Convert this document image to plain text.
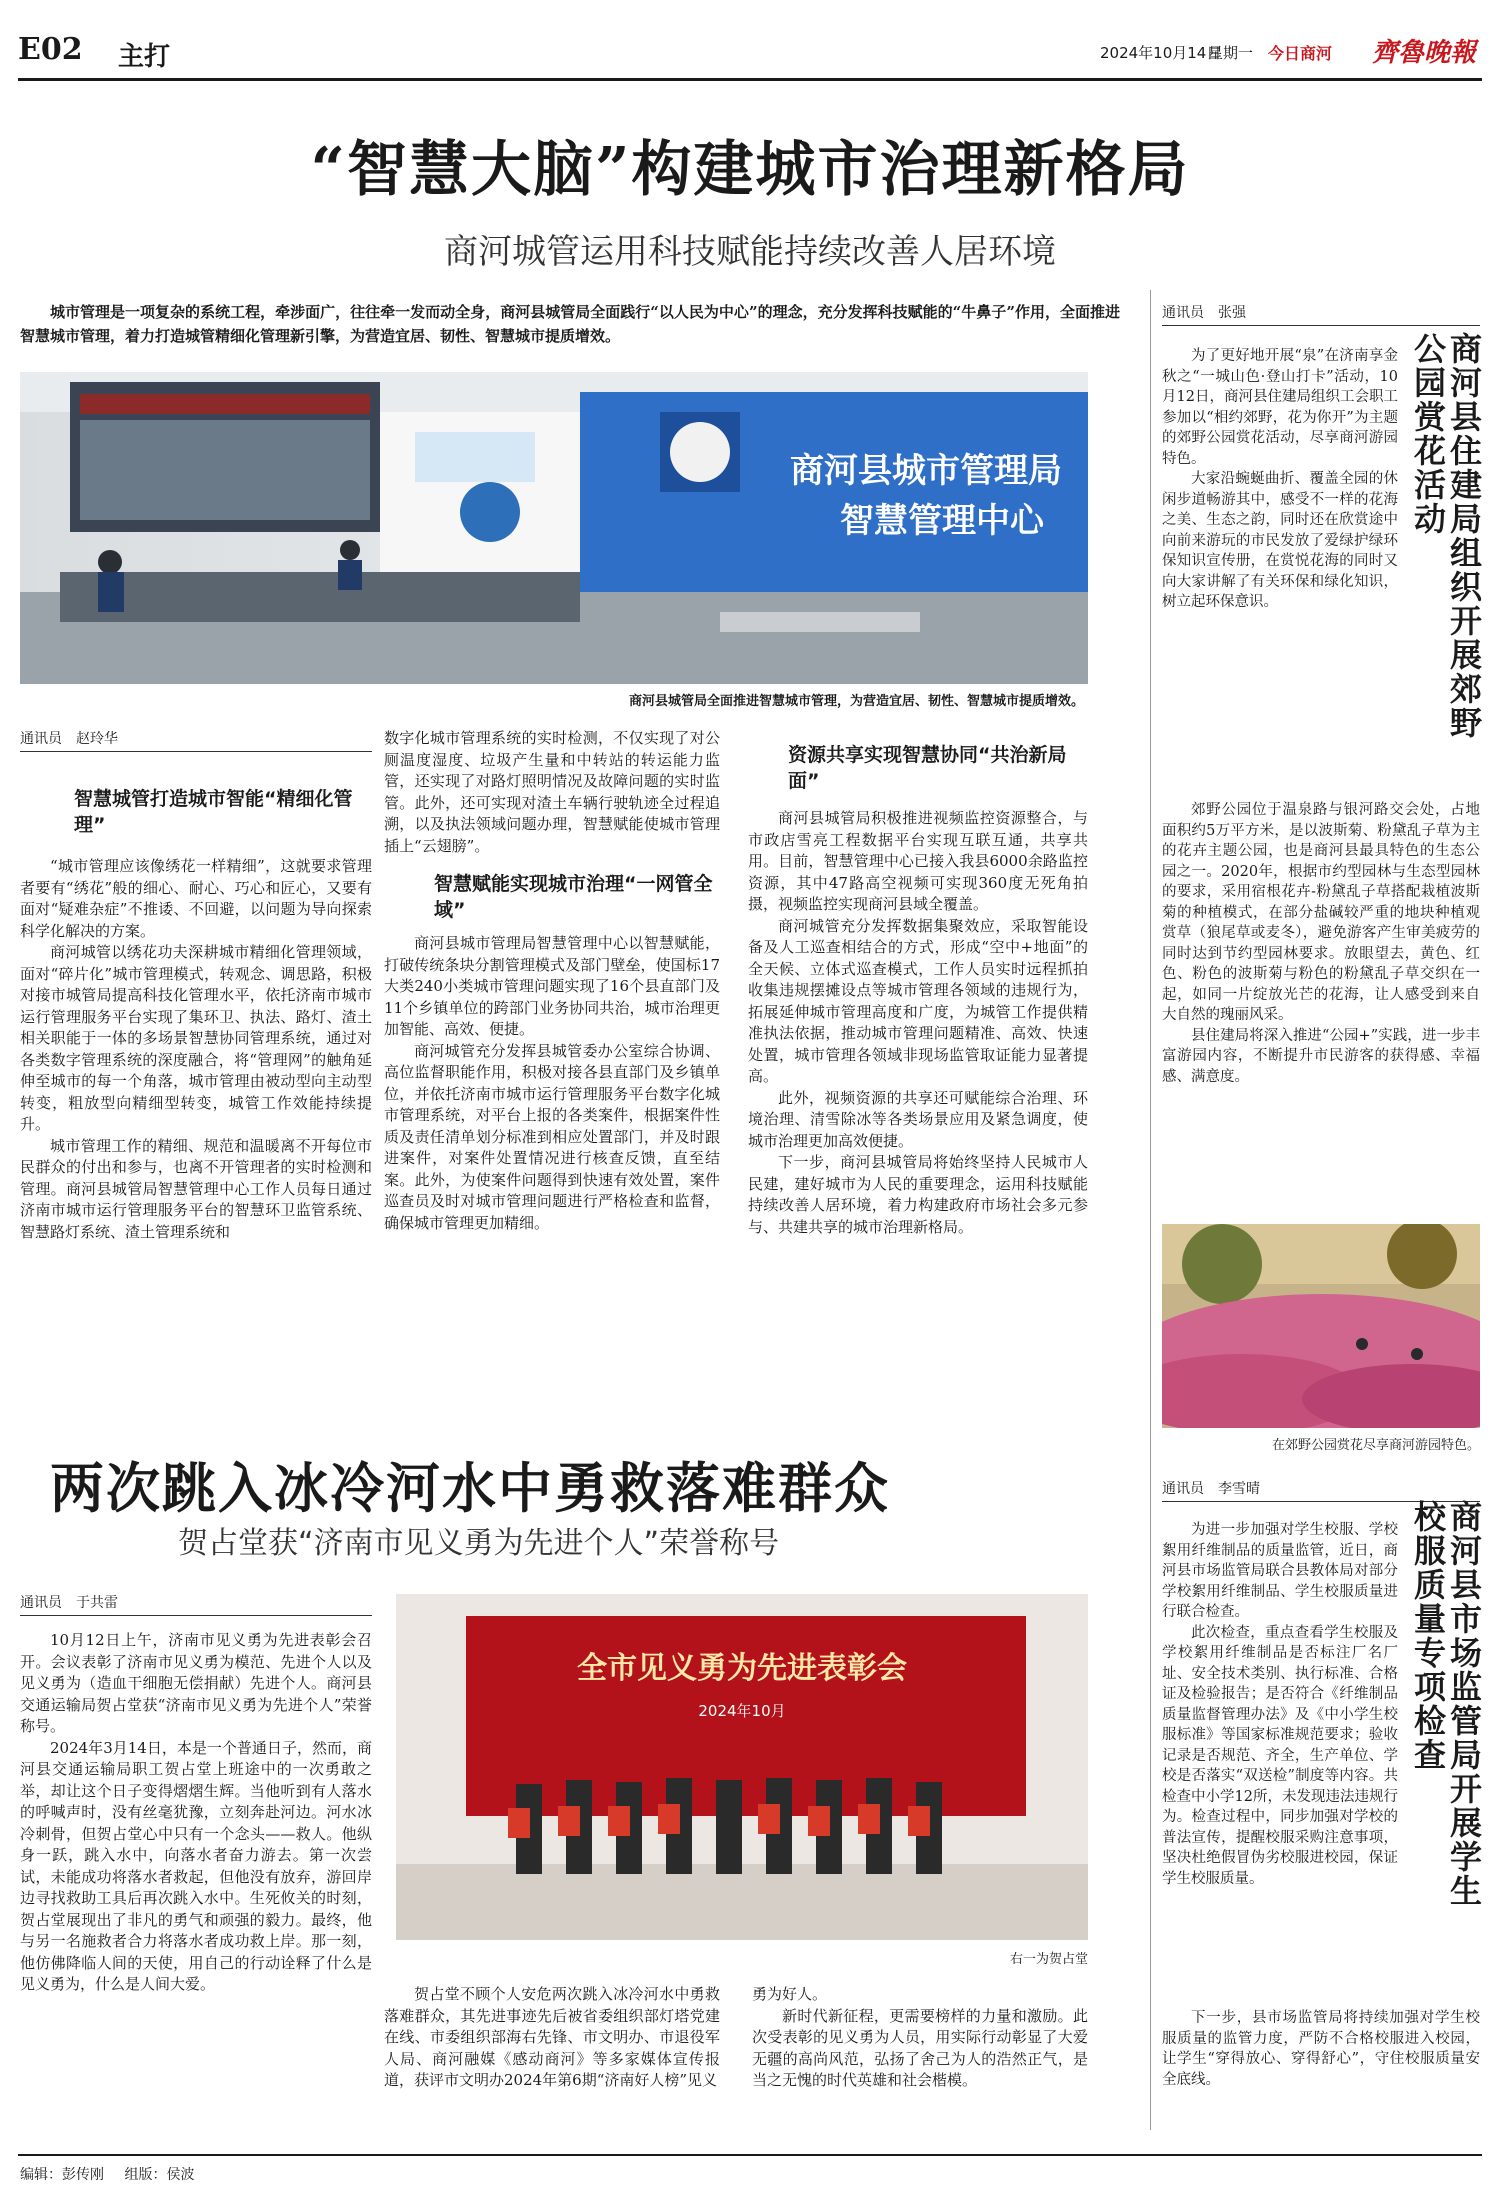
E02 主打	2024年10月14日
星期一 今日商河 齊魯晚報
“智慧大脑”构建城市治理新格局
商河城管运用科技赋能持续改善人居环境
城市管理是一项复杂的系统工程，牵涉面广，往往牵一发而动全身，商河县城管局全面践行“以人民为中心”的理念，充分发挥科技赋能的“牛鼻子”作用，全面推进智慧城市管理，着力打造城管精细化管理新引擎，为营造宜居、韧性、智慧城市提质增效。
商河县城市管理局
智慧管理中心
商河县城管局全面推进智慧城市管理，为营造宜居、韧性、智慧城市提质增效。
通讯员　赵玲华
智慧城管打造城市智能“精细化管理”

“城市管理应该像绣花一样精细”，这就要求管理者要有“绣花”般的细心、耐心、巧心和匠心，又要有面对“疑难杂症”不推诿、不回避，以问题为导向探索科学化解决的方案。

商河城管以绣花功夫深耕城市精细化管理领域，面对“碎片化”城市管理模式，转观念、调思路，积极对接市城管局提高科技化管理水平，依托济南市城市运行管理服务平台实现了集环卫、执法、路灯、渣土相关职能于一体的多场景智慧协同管理系统，通过对各类数字管理系统的深度融合，将“管理网”的触角延伸至城市的每一个角落，城市管理由被动型向主动型转变，粗放型向精细型转变，城管工作效能持续提升。

城市管理工作的精细、规范和温暖离不开每位市民群众的付出和参与，也离不开管理者的实时检测和管理。商河县城管局智慧管理中心工作人员每日通过济南市城市运行管理服务平台的智慧环卫监管系统、智慧路灯系统、渣土管理系统和

数字化城市管理系统的实时检测，不仅实现了对公厕温度湿度、垃圾产生量和中转站的转运能力监管，还实现了对路灯照明情况及故障问题的实时监管。此外，还可实现对渣土车辆行驶轨迹全过程追溯，以及执法领域问题办理，智慧赋能使城市管理插上“云翅膀”。

智慧赋能实现城市治理“一网管全域”

商河县城市管理局智慧管理中心以智慧赋能，打破传统条块分割管理模式及部门壁垒，使国标17大类240小类城市管理问题实现了16个县直部门及11个乡镇单位的跨部门业务协同共治，城市治理更加智能、高效、便捷。

商河城管充分发挥县城管委办公室综合协调、高位监督职能作用，积极对接各县直部门及乡镇单位，并依托济南市城市运行管理服务平台数字化城市管理系统，对平台上报的各类案件，根据案件性质及责任清单划分标准到相应处置部门，并及时跟进案件，对案件处置情况进行核查反馈，直至结案。此外，为使案件问题得到快速有效处置，案件巡查员及时对城市管理问题进行严格检查和监督，确保城市管理更加精细。

资源共享实现智慧协同“共治新局面”

商河县城管局积极推进视频监控资源整合，与市政店雪亮工程数据平台实现互联互通，共享共用。目前，智慧管理中心已接入我县6000余路监控资源，其中47路高空视频可实现360度无死角拍摄，视频监控实现商河县域全覆盖。

商河城管充分发挥数据集聚效应，采取智能设备及人工巡查相结合的方式，形成“空中+地面”的全天候、立体式巡查模式，工作人员实时远程抓拍收集违规摆摊设点等城市管理各领域的违规行为，拓展延伸城市管理高度和广度，为城管工作提供精准执法依据，推动城市管理问题精准、高效、快速处置，城市管理各领域非现场监管取证能力显著提高。

此外，视频资源的共享还可赋能综合治理、环境治理、清雪除冰等各类场景应用及紧急调度，使城市治理更加高效便捷。

下一步，商河县城管局将始终坚持人民城市人民建，建好城市为人民的重要理念，运用科技赋能持续改善人居环境，着力构建政府市场社会多元参与、共建共享的城市治理新格局。

通讯员　张强
商河县住建局组织开展郊野公园赏花活动

为了更好地开展“泉”在济南享金秋之“一城山色·登山打卡”活动，10月12日，商河县住建局组织工会职工参加以“相约郊野，花为你开”为主题的郊野公园赏花活动，尽享商河游园特色。

大家沿蜿蜒曲折、覆盖全园的休闲步道畅游其中，感受不一样的花海之美、生态之韵，同时还在欣赏途中向前来游玩的市民发放了爱绿护绿环保知识宣传册，在赏悦花海的同时又向大家讲解了有关环保和绿化知识，树立起环保意识。

郊野公园位于温泉路与银河路交会处，占地面积约5万平方米，是以波斯菊、粉黛乱子草为主的花卉主题公园，也是商河县最具特色的生态公园之一。2020年，根据市约型园林与生态型园林的要求，采用宿根花卉-粉黛乱子草搭配栽植波斯菊的种植模式，在部分盐碱较严重的地块种植观赏草（狼尾草或麦冬），避免游客产生审美疲劳的同时达到节约型园林要求。放眼望去，黄色、红色、粉色的波斯菊与粉色的粉黛乱子草交织在一起，如同一片绽放光芒的花海，让人感受到来自大自然的瑰丽风采。

县住建局将深入推进“公园+”实践，进一步丰富游园内容，不断提升市民游客的获得感、幸福感、满意度。

在郊野公园赏花尽享商河游园特色。
两次跳入冰冷河水中勇救落难群众
贺占堂获“济南市见义勇为先进个人”荣誉称号
通讯员　于共雷

10月12日上午，济南市见义勇为先进表彰会召开。会议表彰了济南市见义勇为模范、先进个人以及见义勇为（造血干细胞无偿捐献）先进个人。商河县交通运输局贺占堂获“济南市见义勇为先进个人”荣誉称号。

2024年3月14日，本是一个普通日子，然而，商河县交通运输局职工贺占堂上班途中的一次勇敢之举，却让这个日子变得熠熠生辉。当他听到有人落水的呼喊声时，没有丝毫犹豫，立刻奔赴河边。河水冰冷刺骨，但贺占堂心中只有一个念头——救人。他纵身一跃，跳入水中，向落水者奋力游去。第一次尝试，未能成功将落水者救起，但他没有放弃，游回岸边寻找救助工具后再次跳入水中。生死攸关的时刻，贺占堂展现出了非凡的勇气和顽强的毅力。最终，他与另一名施救者合力将落水者成功救上岸。那一刻，他仿佛降临人间的天使，用自己的行动诠释了什么是见义勇为，什么是人间大爱。

全市见义勇为先进表彰会
2024年10月
右一为贺占堂

贺占堂不顾个人安危两次跳入冰冷河水中勇救落难群众，其先进事迹先后被省委组织部灯塔党建在线、市委组织部海右先锋、市文明办、市退役军人局、商河融媒《感动商河》等多家媒体宣传报道，获评市文明办2024年第6期“济南好人榜”见义

勇为好人。

新时代新征程，更需要榜样的力量和激励。此次受表彰的见义勇为人员，用实际行动彰显了大爱无疆的高尚风范，弘扬了舍己为人的浩然正气，是当之无愧的时代英雄和社会楷模。

通讯员　李雪晴
商河县市场监管局开展学生校服质量专项检查

为进一步加强对学生校服、学校絮用纤维制品的质量监管，近日，商河县市场监管局联合县教体局对部分学校絮用纤维制品、学生校服质量进行联合检查。

此次检查，重点查看学生校服及学校絮用纤维制品是否标注厂名厂址、安全技术类别、执行标准、合格证及检验报告；是否符合《纤维制品质量监督管理办法》及《中小学生校服标准》等国家标准规范要求；验收记录是否规范、齐全，生产单位、学校是否落实“双送检”制度等内容。共检查中小学12所，未发现违法违规行为。检查过程中，同步加强对学校的普法宣传，提醒校服采购注意事项，坚决杜绝假冒伪劣校服进校园，保证学生校服质量。

下一步，县市场监管局将持续加强对学生校服质量的监管力度，严防不合格校服进入校园，让学生“穿得放心、穿得舒心”，守住校服质量安全底线。

编辑：彭传刚 组版：侯波
